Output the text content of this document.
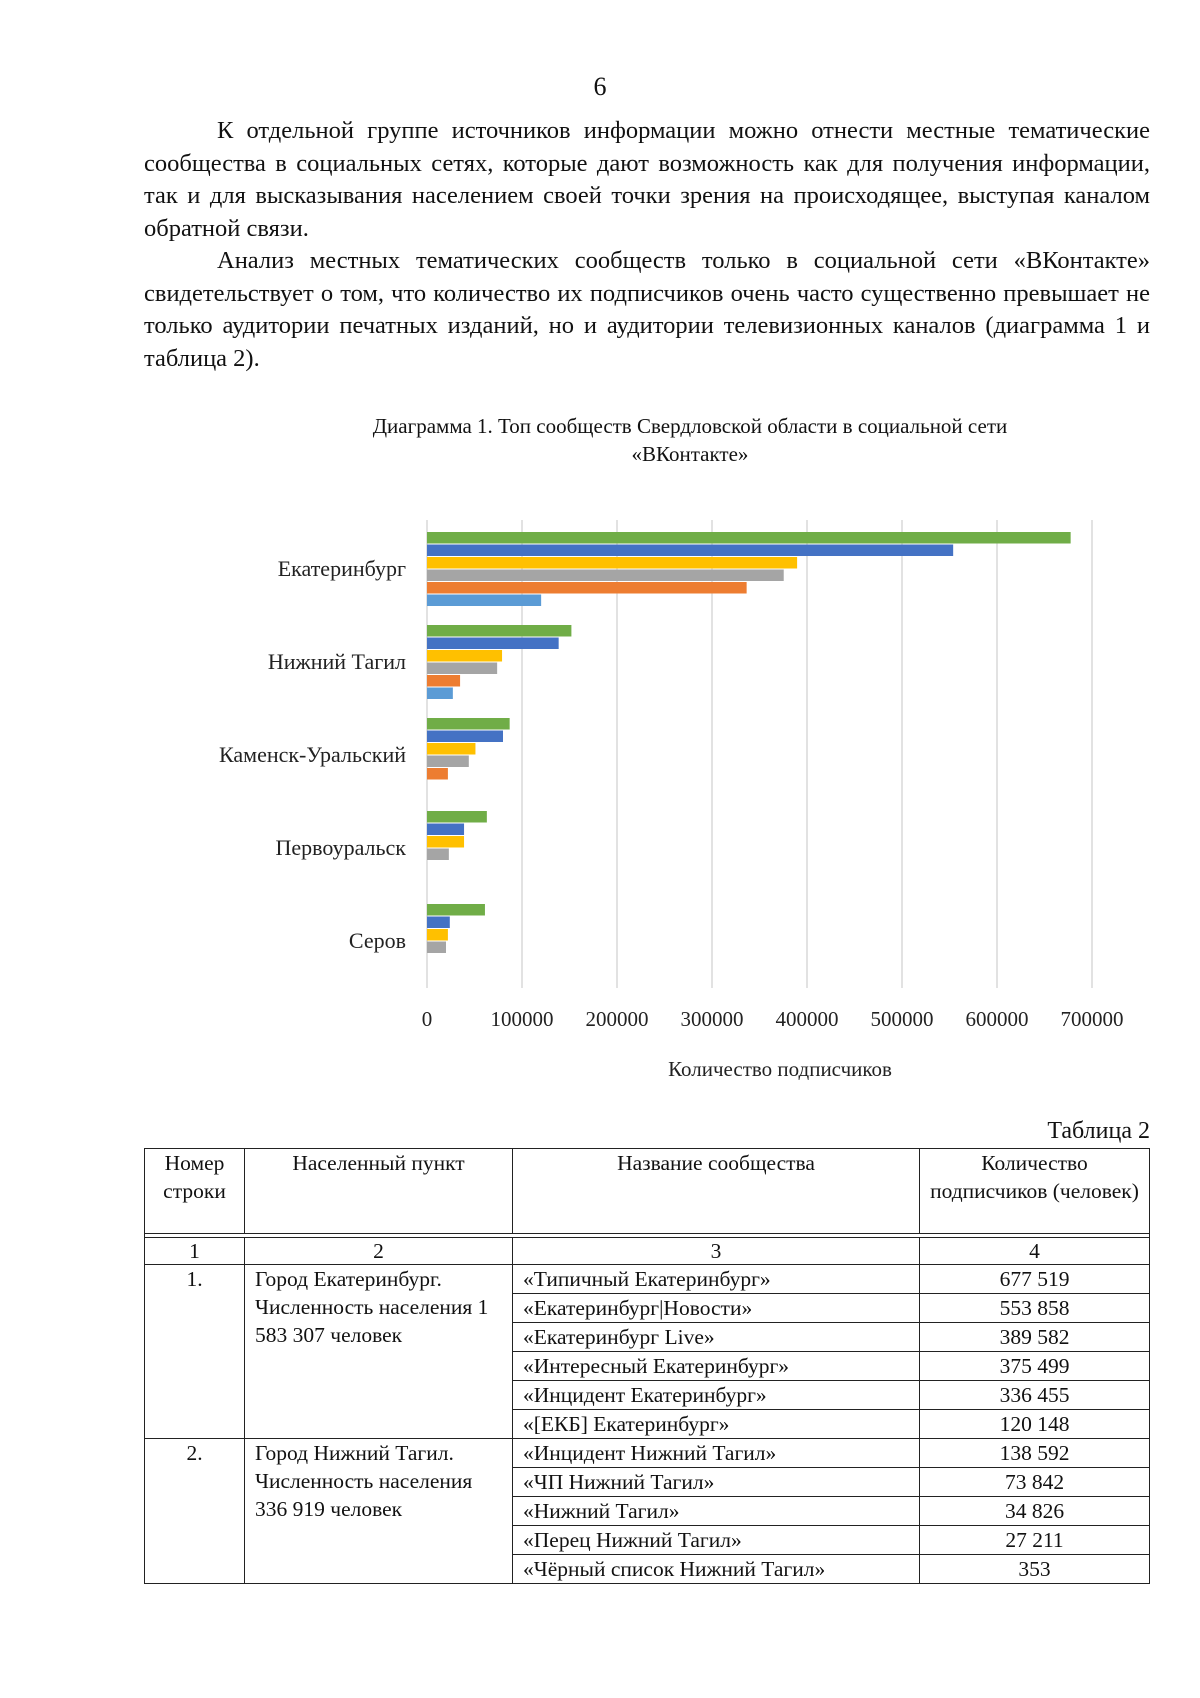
6

К отдельной группе источников информации можно отнести местные тематические сообщества в социальных сетях, которые дают возможность как для получения информации, так и для высказывания населением своей точки зрения на происходящее, выступая каналом обратной связи.

Анализ местных тематических сообществ только в социальной сети «ВКонтакте» свидетельствует о том, что количество их подписчиков очень часто существенно превышает не только аудитории печатных изданий, но и аудитории телевизионных каналов (диаграмма 1 и таблица 2).

Диаграмма 1. Топ сообществ Свердловской области в социальной сети
«ВКонтакте»
0	100000 200000 300000 400000 500000 600000 700000
Екатеринбург
Нижний Тагил
Каменск-Уральский
Первоуральск
Серов
Количество подписчиков
Таблица 2
Номер строки	Населенный пункт	Название сообщества	Количество подписчиков (человек)

1	2	3	4
1.	Город Екатеринбург. Численность населения 1 583 307 человек	«Типичный Екатеринбург»	677 519
		«Екатеринбург|Новости»	553 858
		«Екатеринбург Live»	389 582
		«Интересный Екатеринбург»	375 499
		«Инцидент Екатеринбург»	336 455
		«[ЕКБ] Екатеринбург»	120 148
2.	Город Нижний Тагил. Численность населения 336 919 человек	«Инцидент Нижний Тагил»	138 592
		«ЧП Нижний Тагил»	73 842
		«Нижний Тагил»	34 826
		«Перец Нижний Тагил»	27 211
		«Чёрный список Нижний Тагил»	353
